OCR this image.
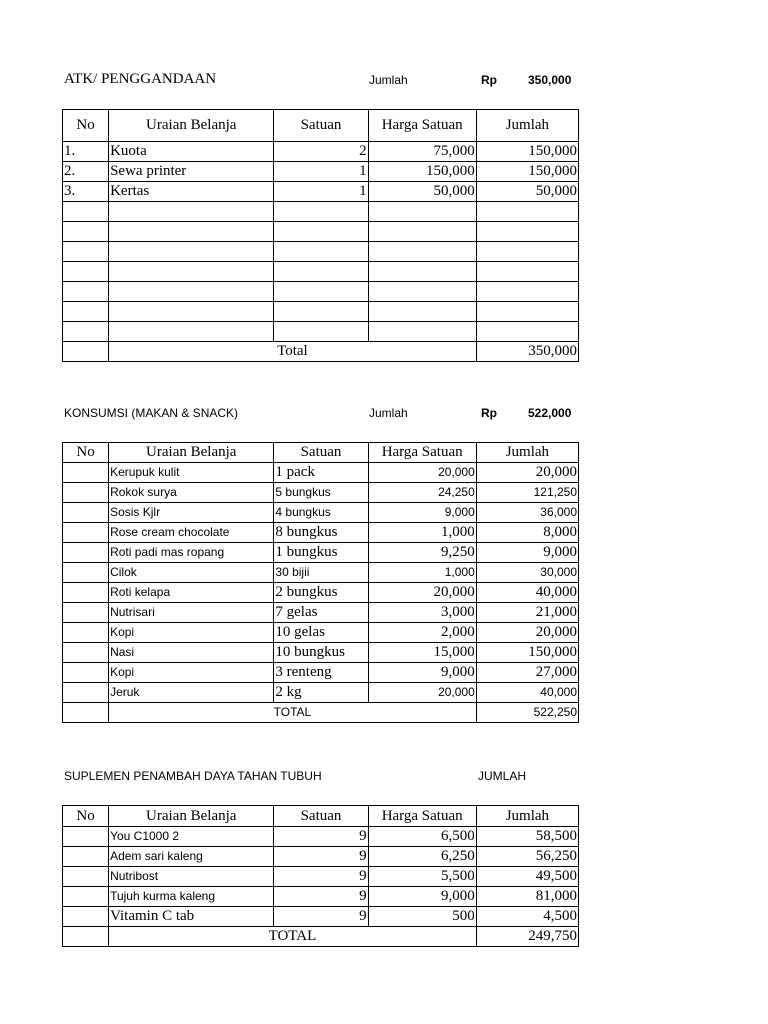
ATK/ PENGGANDAAN	Jumlah	Rp	350,000
No	Uraian Belanja	Satuan	Harga Satuan	Jumlah
1.	Kuota	2	75,000	150,000
2.	Sewa printer	1	150,000	150,000
3.	Kertas	1	50,000	50,000

	Total			350,000
KONSUMSI (MAKAN & SNACK)	Jumlah	Rp	522,000
No	Uraian Belanja	Satuan	Harga Satuan	Jumlah
	Kerupuk kulit	1 pack	20,000	20,000
	Rokok surya	5 bungkus	24,250	121,250
	Sosis Kjlr	4 bungkus	9,000	36,000
	Rose cream chocolate	8 bungkus	1,000	8,000
	Roti padi mas ropang	1 bungkus	9,250	9,000
	Cilok	30 bijii	1,000	30,000
	Roti kelapa	2 bungkus	20,000	40,000
	Nutrisari	7 gelas	3,000	21,000
	Kopi	10 gelas	2,000	20,000
	Nasi	10 bungkus	15,000	150,000
	Kopi	3 renteng	9,000	27,000
	Jeruk	2 kg	20,000	40,000
	TOTAL			522,250
SUPLEMEN PENAMBAH DAYA TAHAN TUBUH	JUMLAH
No	Uraian Belanja	Satuan	Harga Satuan	Jumlah
	You C1000 2	9	6,500	58,500
	Adem sari kaleng	9	6,250	56,250
	Nutribost	9	5,500	49,500
	Tujuh kurma kaleng	9	9,000	81,000
	Vitamin C tab	9	500	4,500
	TOTAL			249,750
